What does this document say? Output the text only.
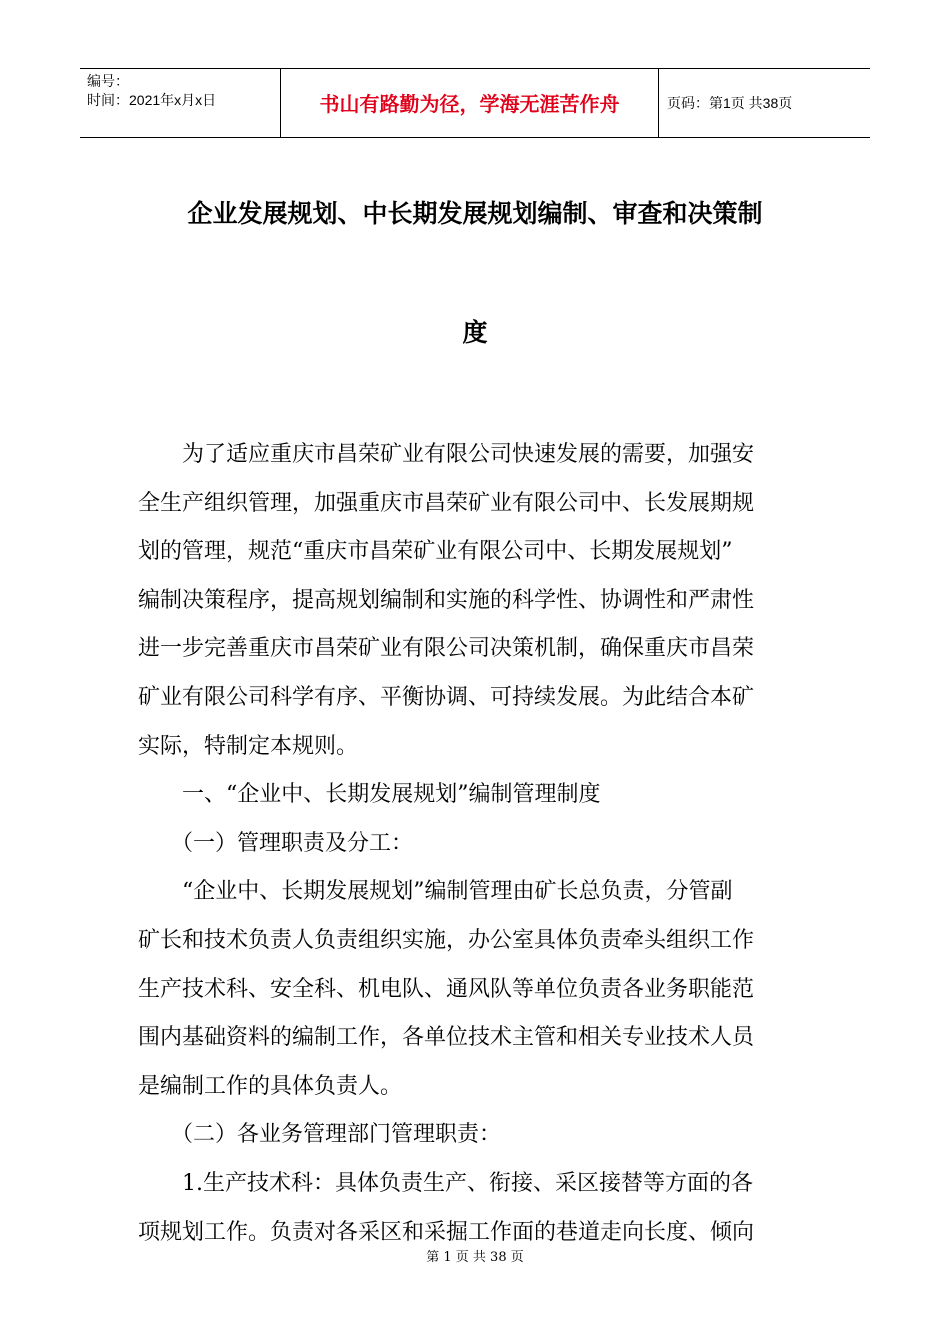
编号：
时间：2021年x月x日	书山有路勤为径，学海无涯苦作舟	页码：第1页 共38页
企业发展规划、中长期发展规划编制、审查和决策制
度
　　为了适应重庆市昌荣矿业有限公司快速发展的需要，加强安
全生产组织管理，加强重庆市昌荣矿业有限公司中、长发展期规
划的管理，规范“重庆市昌荣矿业有限公司中、长期发展规划”
编制决策程序，提高规划编制和实施的科学性、协调性和严肃性
进一步完善重庆市昌荣矿业有限公司决策机制，确保重庆市昌荣
矿业有限公司科学有序、平衡协调、可持续发展。为此结合本矿
实际，特制定本规则。
　　一、“企业中、长期发展规划”编制管理制度
　　（一）管理职责及分工：
　　“企业中、长期发展规划”编制管理由矿长总负责，分管副
矿长和技术负责人负责组织实施，办公室具体负责牵头组织工作
生产技术科、安全科、机电队、通风队等单位负责各业务职能范
围内基础资料的编制工作，各单位技术主管和相关专业技术人员
是编制工作的具体负责人。
　　（二）各业务管理部门管理职责：
　　1.生产技术科：具体负责生产、衔接、采区接替等方面的各
项规划工作。负责对各采区和采掘工作面的巷道走向长度、倾向
第 1 页 共 38 页
